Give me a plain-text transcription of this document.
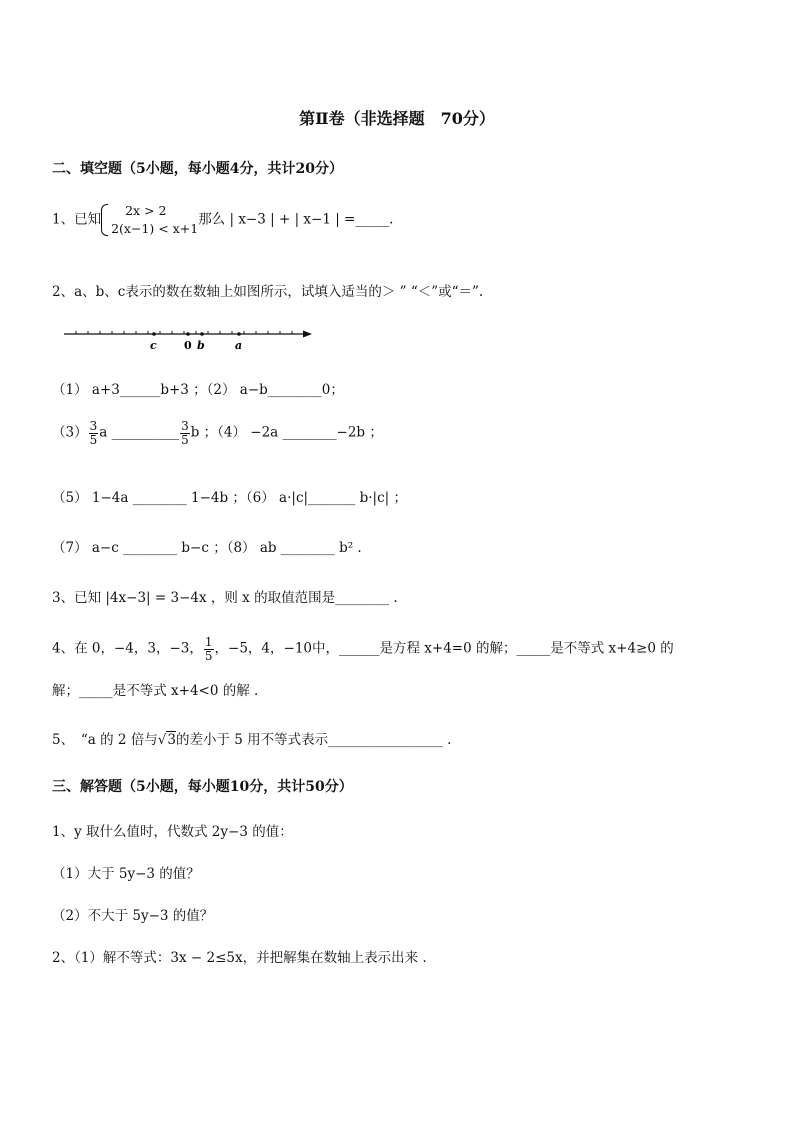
第Ⅱ卷（非选择题　70分）
二、填空题（5小题，每小题4分，共计20分）
1、已知
2x > 2
2(x−1) < x+1
那么 | x−3 | + | x−1 | =_____.
2、a、b、c表示的数在数轴上如图所示，试填入适当的＞ ” “＜”或“＝”.
c 0 b	a
（1） a+3______b+3 ；（2） a−b________0；
$(3) \frac{3}{5}$ a __________ $\frac{3}{5}$ b ；（4） −2a ________−2b ；
（5） 1−4a ________ 1−4b ；（6） a·|c|_______ b·|c| ；
（7） a−c ________ b−c ；（8） ab ________ b² .
3、已知 |4x−3| = 3−4x ，则 x 的取值范围是________ .
4、在 0，−4，3，−3， $\frac{1}{5}$ ，−5，4，−10中，______是方程 x+4=0 的解；_____是不等式 x+4≥0 的
解；_____是不等式 x+4<0 的解 .
5、　“a 的 2 倍与√3的差小于 5 用不等式表示_________________ .
三、解答题（5小题，每小题10分，共计50分）
1、y 取什么值时，代数式 2y−3 的值：
（1）大于 5y−3 的值？
（2）不大于 5y−3 的值？
2、（1）解不等式：3x − 2≤5x，并把解集在数轴上表示出来 .
